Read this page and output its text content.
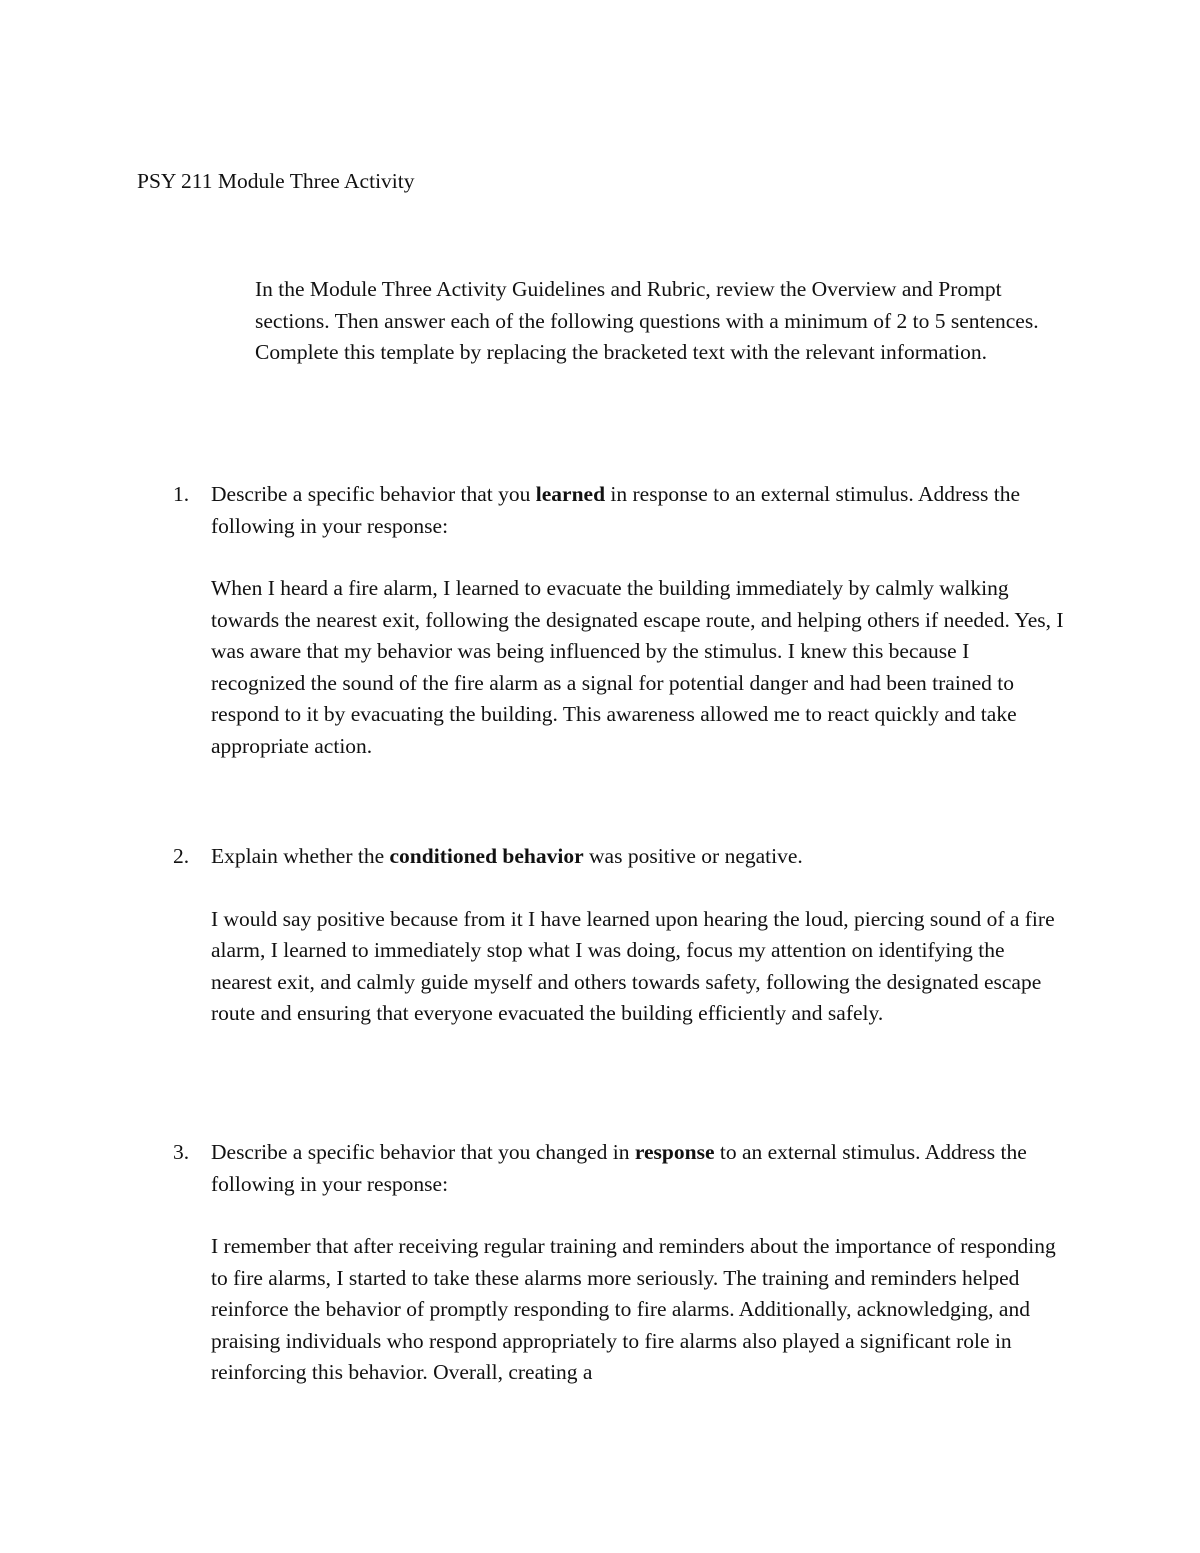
PSY 211 Module Three Activity

In the Module Three Activity Guidelines and Rubric, review the Overview and Prompt sections. Then answer each of the following questions with a minimum of 2 to 5 sentences. Complete this template by replacing the bracketed text with the relevant information.

1.	Describe a specific behavior that you learned in response to an external stimulus. Address the following in your response:

When I heard a fire alarm, I learned to evacuate the building immediately by calmly walking towards the nearest exit, following the designated escape route, and helping others if needed. Yes, I was aware that my behavior was being influenced by the stimulus. I knew this because I recognized the sound of the fire alarm as a signal for potential danger and had been trained to respond to it by evacuating the building. This awareness allowed me to react quickly and take appropriate action.

2.	Explain whether the conditioned behavior was positive or negative.

I would say positive because from it I have learned upon hearing the loud, piercing sound of a fire alarm, I learned to immediately stop what I was doing, focus my attention on identifying the nearest exit, and calmly guide myself and others towards safety, following the designated escape route and ensuring that everyone evacuated the building efficiently and safely.

3.	Describe a specific behavior that you changed in response to an external stimulus. Address the following in your response:

I remember that after receiving regular training and reminders about the importance of responding to fire alarms, I started to take these alarms more seriously. The training and reminders helped reinforce the behavior of promptly responding to fire alarms. Additionally, acknowledging, and praising individuals who respond appropriately to fire alarms also played a significant role in reinforcing this behavior. Overall, creating a
